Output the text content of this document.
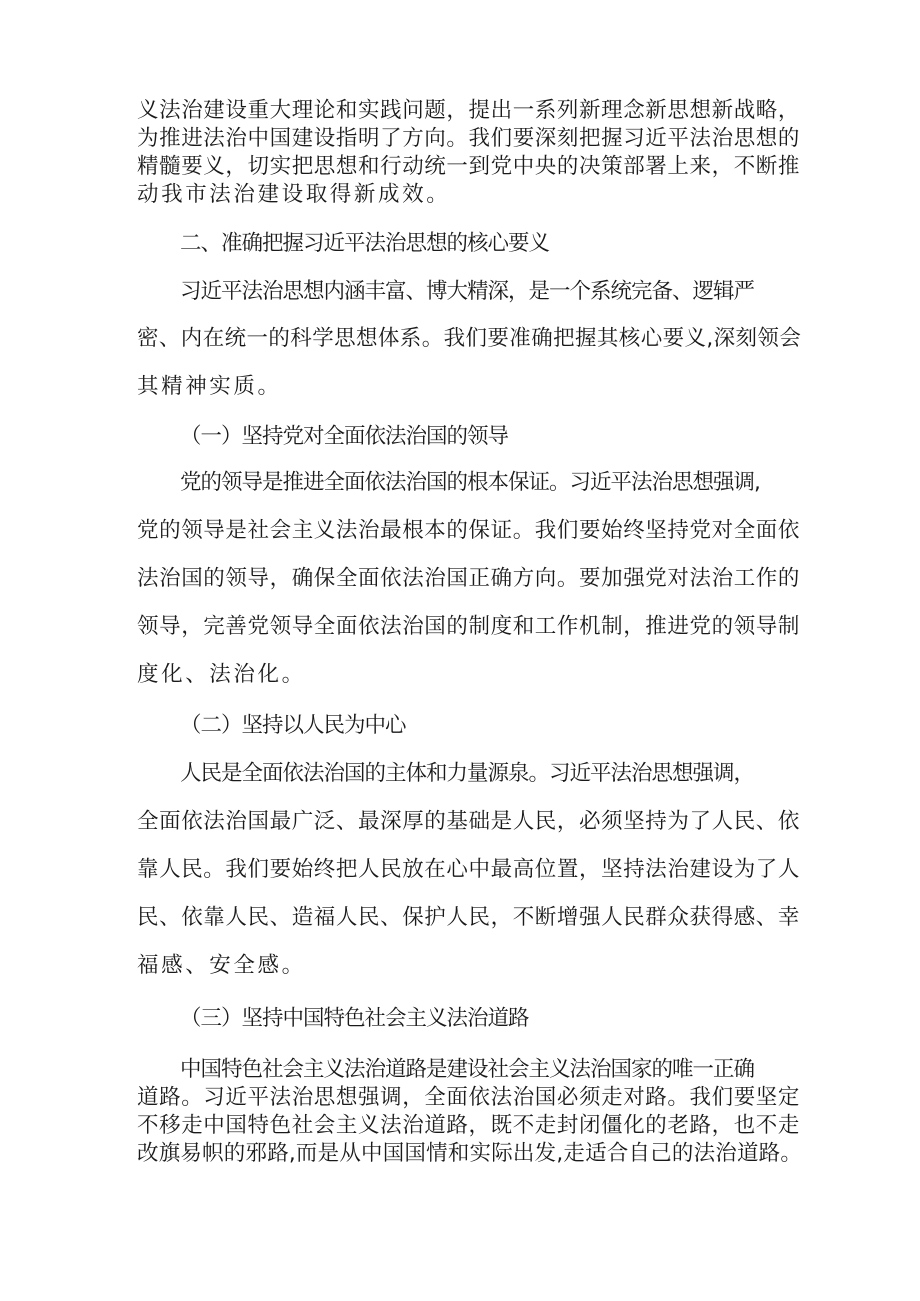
义法治建设重大理论和实践问题，提出一系列新理念新思想新战略，

为推进法治中国建设指明了方向。我们要深刻把握习近平法治思想的

精髓要义，切实把思想和行动统一到党中央的决策部署上来，不断推

动我市法治建设取得新成效。

二、准确把握习近平法治思想的核心要义

习近平法治思想内涵丰富、博大精深，是一个系统完备、逻辑严

密、内在统一的科学思想体系。我们要准确把握其核心要义,深刻领会

其精神实质。

（一）坚持党对全面依法治国的领导

党的领导是推进全面依法治国的根本保证。习近平法治思想强调,

党的领导是社会主义法治最根本的保证。我们要始终坚持党对全面依

法治国的领导，确保全面依法治国正确方向。要加强党对法治工作的

领导，完善党领导全面依法治国的制度和工作机制，推进党的领导制

度化、法治化。

（二）坚持以人民为中心

人民是全面依法治国的主体和力量源泉。习近平法治思想强调，

全面依法治国最广泛、最深厚的基础是人民，必须坚持为了人民、依

靠人民。我们要始终把人民放在心中最高位置，坚持法治建设为了人

民、依靠人民、造福人民、保护人民，不断增强人民群众获得感、幸

福感、安全感。

（三）坚持中国特色社会主义法治道路

中国特色社会主义法治道路是建设社会主义法治国家的唯一正确

道路。习近平法治思想强调，全面依法治国必须走对路。我们要坚定

不移走中国特色社会主义法治道路，既不走封闭僵化的老路，也不走

改旗易帜的邪路,而是从中国国情和实际出发,走适合自己的法治道路。
